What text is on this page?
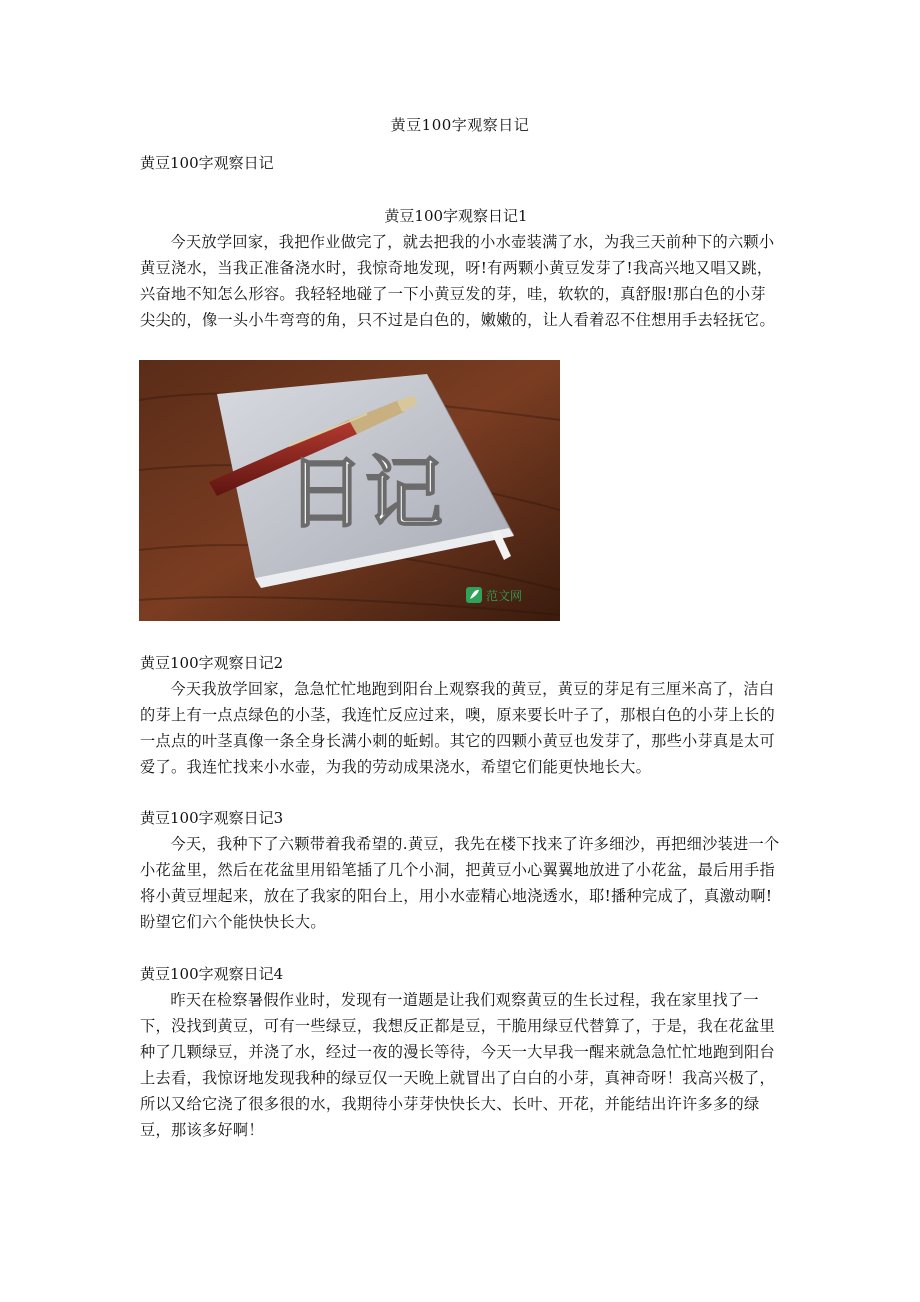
黄豆100字观察日记
黄豆100字观察日记
黄豆100字观察日记1

今天放学回家，我把作业做完了，就去把我的小水壶装满了水，为我三天前种下的六颗小黄豆浇水，当我正准备浇水时，我惊奇地发现，呀!有两颗小黄豆发芽了!我高兴地又唱又跳，兴奋地不知怎么形容。我轻轻地碰了一下小黄豆发的芽，哇，软软的，真舒服!那白色的小芽尖尖的，像一头小牛弯弯的角，只不过是白色的，嫩嫩的，让人看着忍不住想用手去轻抚它。

日记
范文网
黄豆100字观察日记2

今天我放学回家，急急忙忙地跑到阳台上观察我的黄豆，黄豆的芽足有三厘米高了，洁白的芽上有一点点绿色的小茎，我连忙反应过来，噢，原来要长叶子了，那根白色的小芽上长的一点点的叶茎真像一条全身长满小刺的蚯蚓。其它的四颗小黄豆也发芽了，那些小芽真是太可爱了。我连忙找来小水壶，为我的劳动成果浇水，希望它们能更快地长大。

黄豆100字观察日记3

今天，我种下了六颗带着我希望的.黄豆，我先在楼下找来了许多细沙，再把细沙装进一个小花盆里，然后在花盆里用铅笔插了几个小洞，把黄豆小心翼翼地放进了小花盆，最后用手指将小黄豆埋起来，放在了我家的阳台上，用小水壶精心地浇透水，耶!播种完成了，真激动啊!盼望它们六个能快快长大。

黄豆100字观察日记4

昨天在检察暑假作业时，发现有一道题是让我们观察黄豆的生长过程，我在家里找了一下，没找到黄豆，可有一些绿豆，我想反正都是豆，干脆用绿豆代替算了，于是，我在花盆里种了几颗绿豆，并浇了水，经过一夜的漫长等待，今天一大早我一醒来就急急忙忙地跑到阳台上去看，我惊讶地发现我种的绿豆仅一天晚上就冒出了白白的小芽，真神奇呀！我高兴极了，所以又给它浇了很多很的水，我期待小芽芽快快长大、长叶、开花，并能结出许许多多的绿豆，那该多好啊！
